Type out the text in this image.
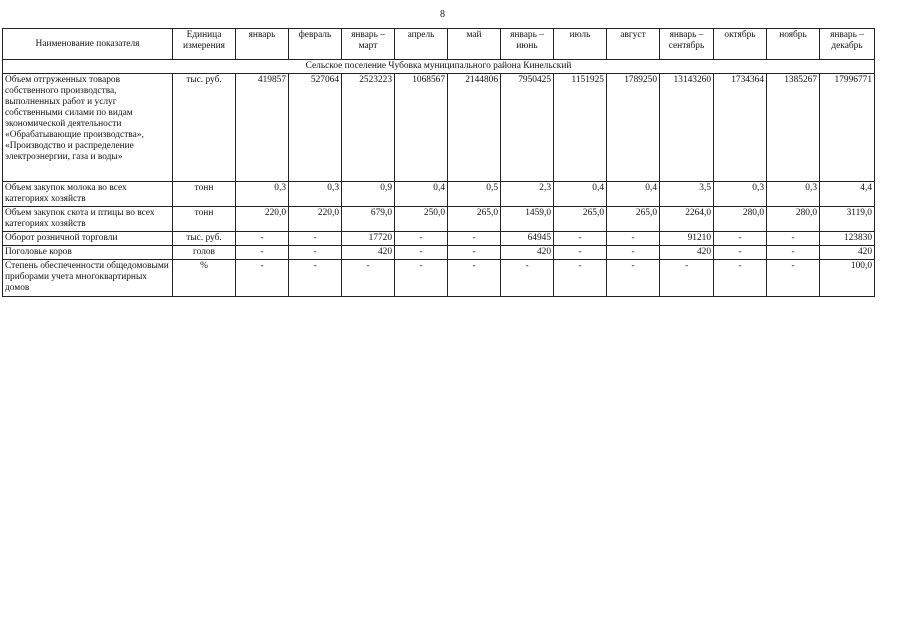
8
Наименование показателя	Единица измерения	январь	февраль	январь – март	апрель	май	январь – июнь	июль	август	январь – сентябрь	октябрь	ноябрь	январь – декабрь
Сельское поселение Чубовка муниципального района Кинельский													
Объем отгруженных товаров собственного производства, выполненных работ и услуг собственными силами по видам экономической деятельности «Обрабатывающие производства», «Производство и распределение электроэнергии, газа и воды»	тыс. руб.	419857	527064	2523223	1068567	2144806	7950425	1151925	1789250	13143260	1734364	1385267	17996771
Объем закупок молока во всех категориях хозяйств	тонн	0,3	0,3	0,9	0,4	0,5	2,3	0,4	0,4	3,5	0,3	0,3	4,4
Объем закупок скота и птицы во всех категориях хозяйств	тонн	220,0	220,0	679,0	250,0	265,0	1459,0	265,0	265,0	2264,0	280,0	280,0	3119,0
Оборот розничной торговли	тыс. руб.	-	-	17720	-	-	64945	-	-	91210	-	-	123830
Поголовье коров	голов	-	-	420	-	-	420	-	-	420	-	-	420
Степень обеспеченности общедомовыми приборами учета многоквартирных домов	%	-	-	-	-	-	-	-	-	-	-	-	100,0
